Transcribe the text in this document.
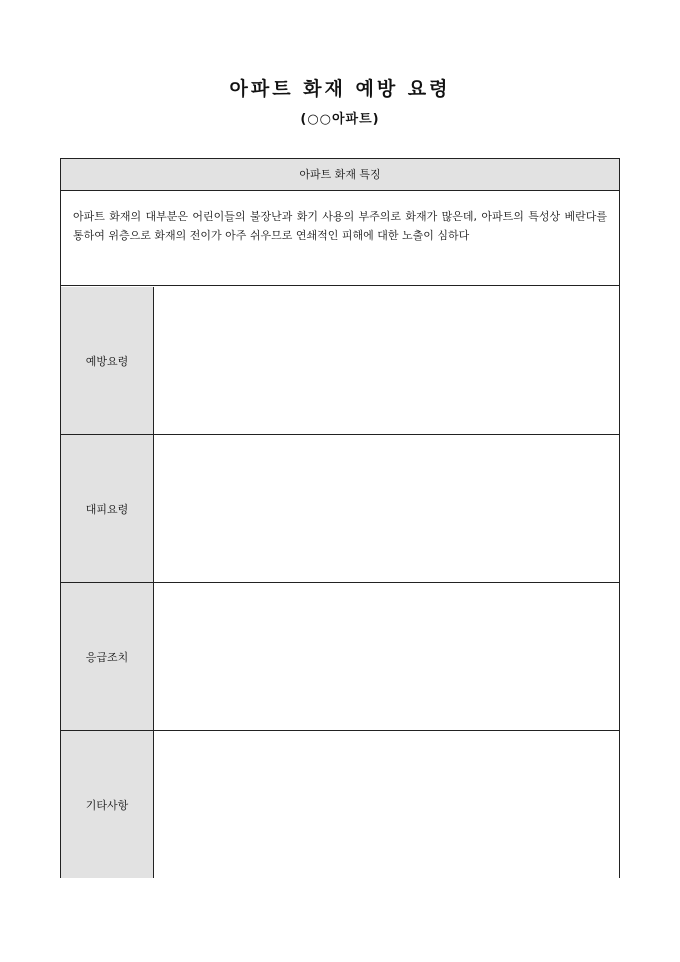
아파트 화재 예방 요령
(○○아파트)
아파트 화재 특징
아파트 화재의 대부분은 어린이들의 불장난과 화기 사용의 부주의로 화재가 많은데, 아파트의 특성상 베란다를 통하여 위층으로 화재의 전이가 아주 쉬우므로 연쇄적인 피해에 대한 노출이 심하다
예방요령
대피요령
응급조치
기타사항
